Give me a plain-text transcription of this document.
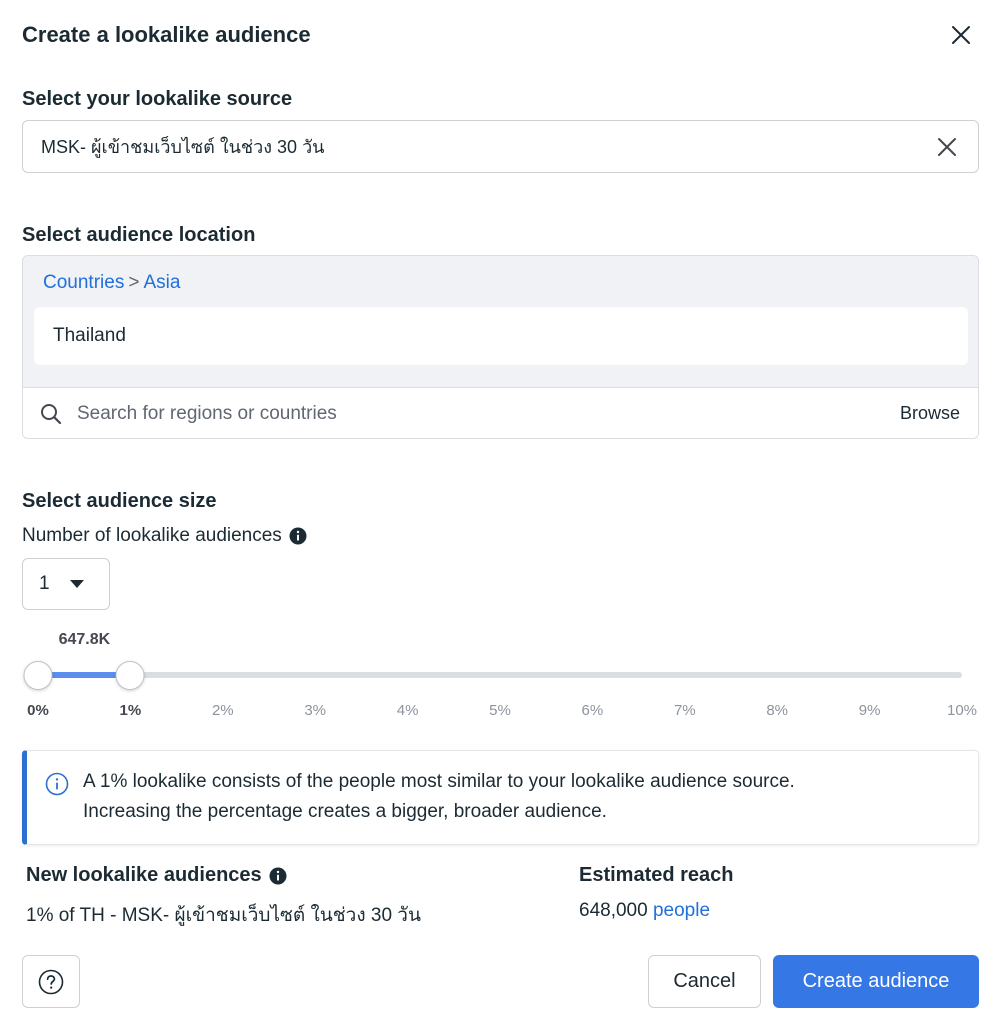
Create a lookalike audience
Select your lookalike source
MSK- ผู้เข้าชมเว็บไซต์ ในช่วง 30 วัน
Select audience location
Countries > Asia
Thailand
Search for regions or countries
Browse
Select audience size
Number of lookalike audiences
1
647.8K
0%	1%	2%	3%	4%	5%	6%	7%	8%	9%	10%
A 1% lookalike consists of the people most similar to your lookalike audience source.
Increasing the percentage creates a bigger, broader audience.
New lookalike audiences
1% of TH - MSK- ผู้เข้าชมเว็บไซต์ ในช่วง 30 วัน
Estimated reach
648,000 people
Cancel	Create audience
